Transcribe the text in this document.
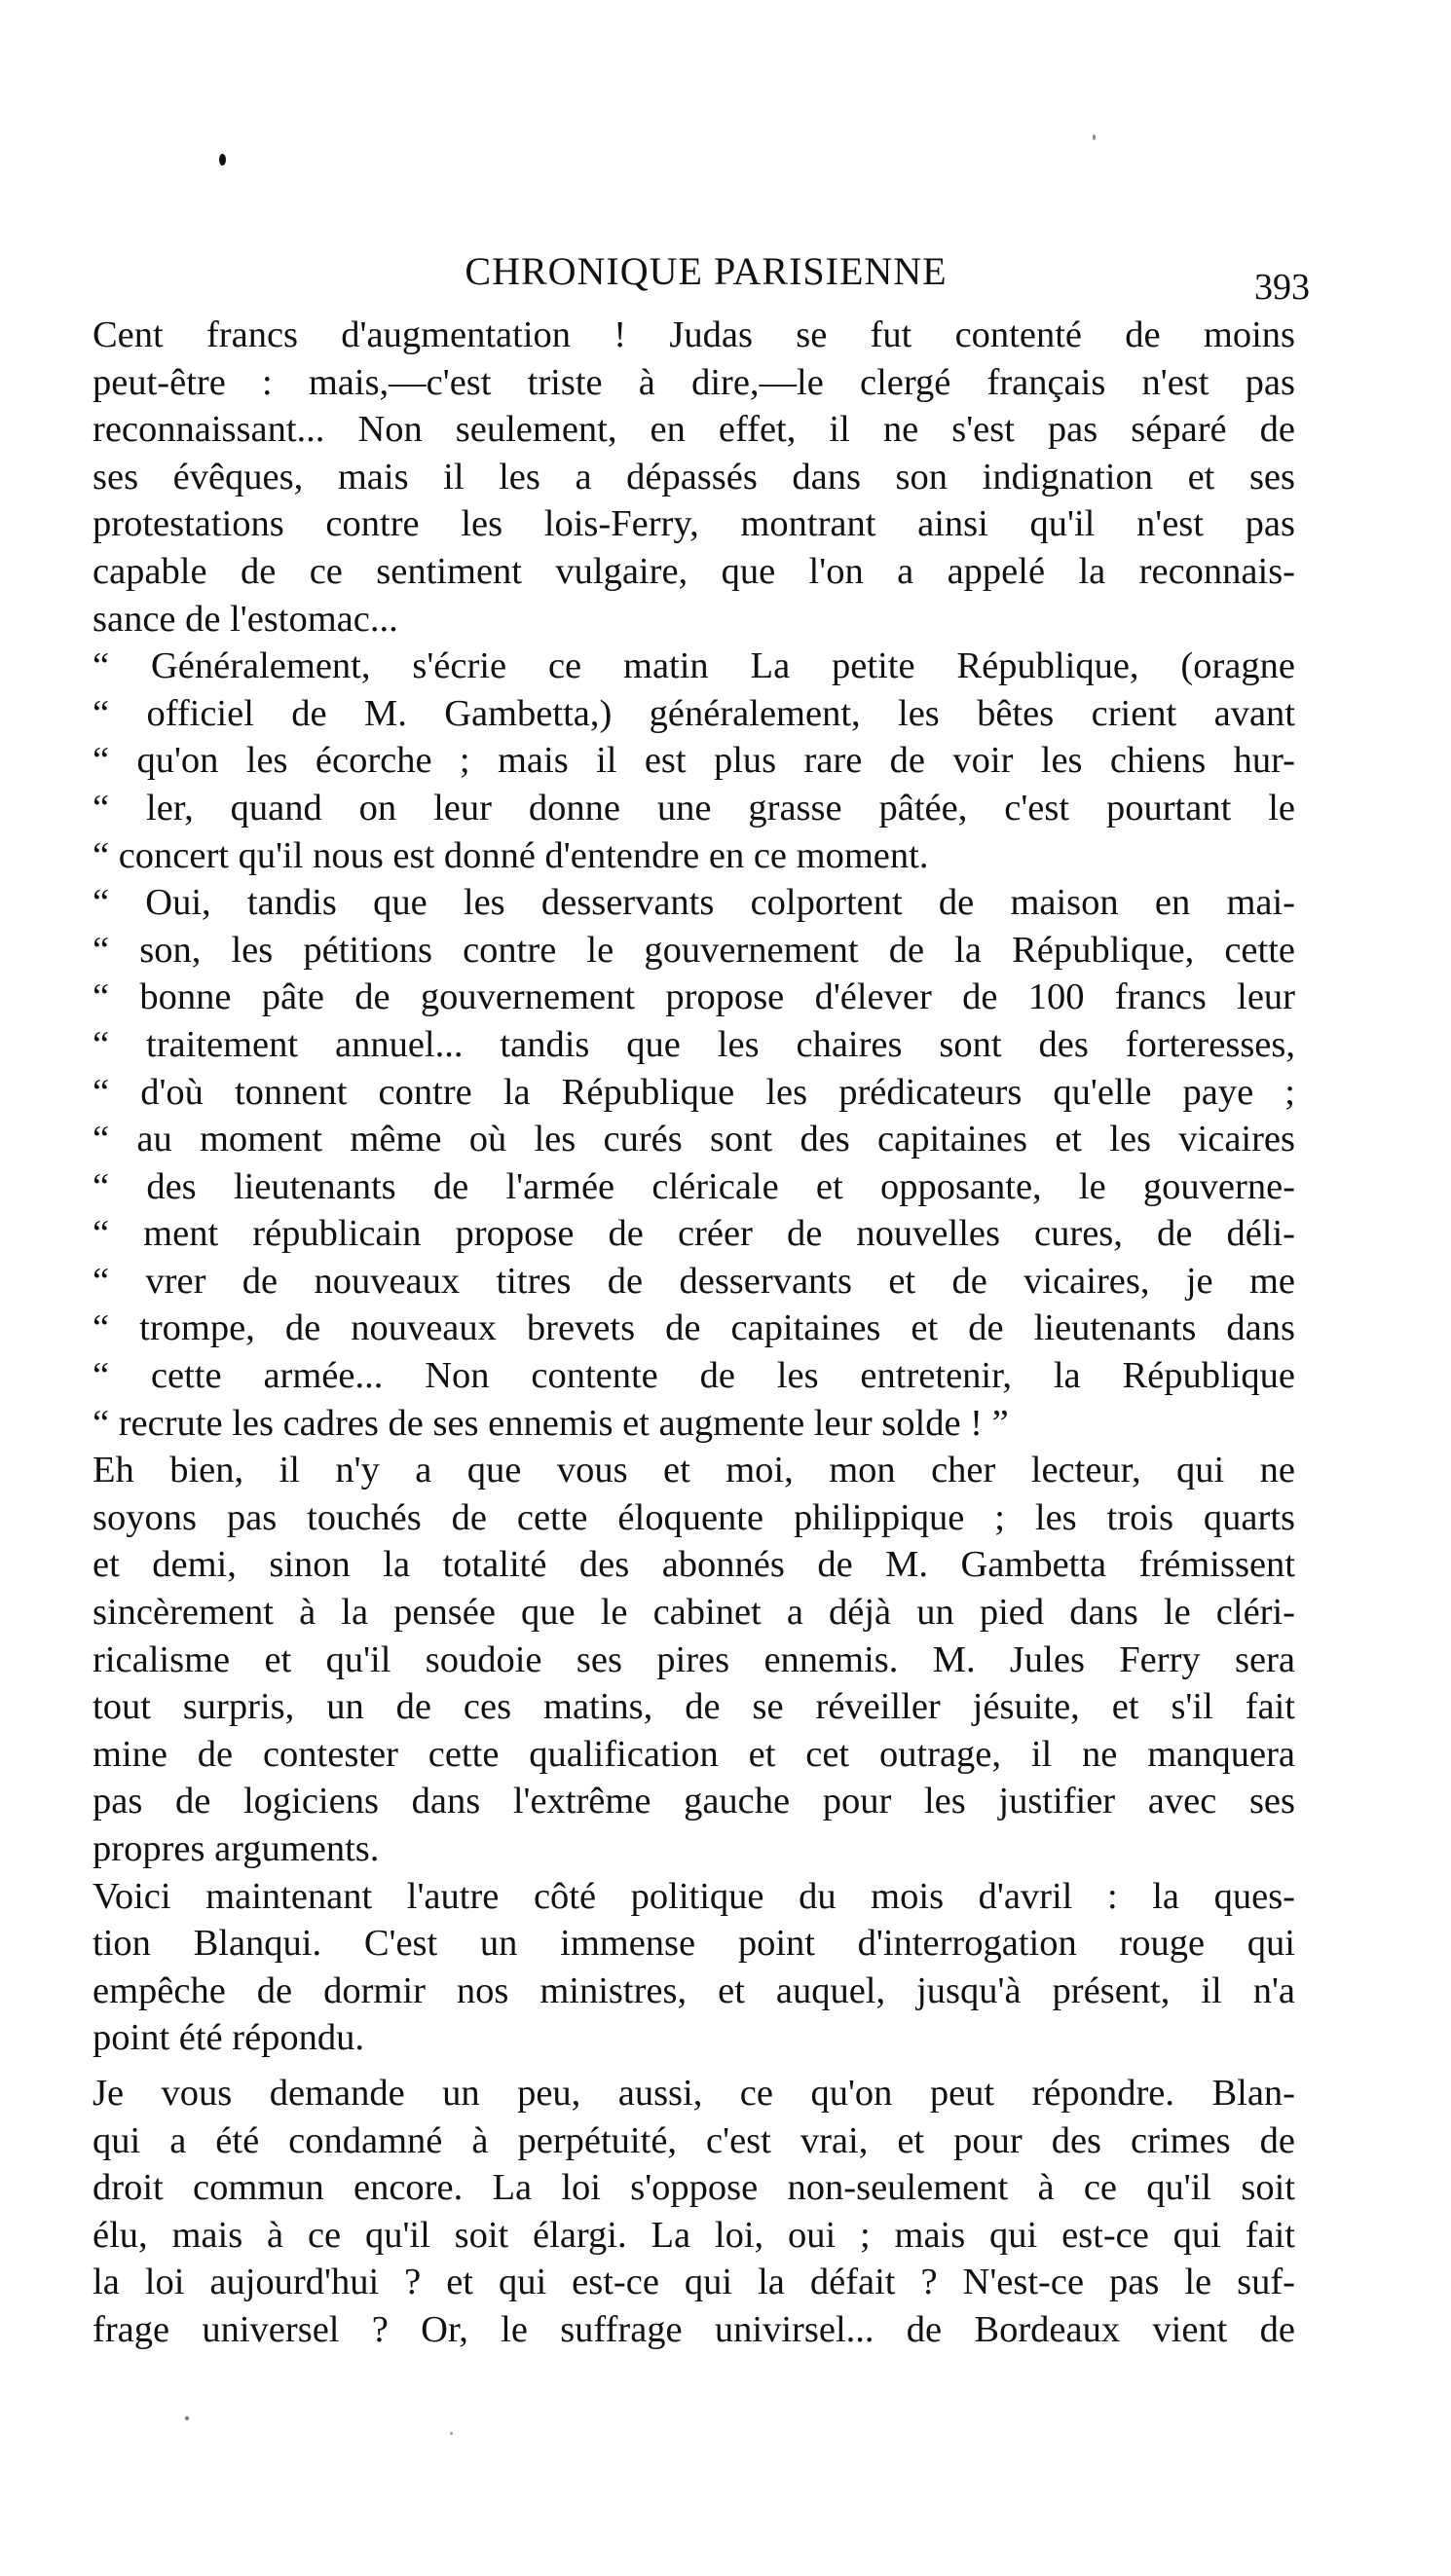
CHRONIQUE PARISIENNE	393
Cent francs d'augmentation ! Judas se fut contenté de moins
peut-être : mais,—c'est triste à dire,—le clergé français n'est pas
reconnaissant... Non seulement, en effet, il ne s'est pas séparé de
ses évêques, mais il les a dépassés dans son indignation et ses
protestations contre les lois-Ferry, montrant ainsi qu'il n'est pas
capable de ce sentiment vulgaire, que l'on a appelé la reconnais-
sance de l'estomac...
“ Généralement, s'écrie ce matin La petite République, (oragne
“ officiel de M. Gambetta,) généralement, les bêtes crient avant
“ qu'on les écorche ; mais il est plus rare de voir les chiens hur-
“ ler, quand on leur donne une grasse pâtée, c'est pourtant le
“ concert qu'il nous est donné d'entendre en ce moment.
“ Oui, tandis que les desservants colportent de maison en mai-
“ son, les pétitions contre le gouvernement de la République, cette
“ bonne pâte de gouvernement propose d'élever de 100 francs leur
“ traitement annuel... tandis que les chaires sont des forteresses,
“ d'où tonnent contre la République les prédicateurs qu'elle paye ;
“ au moment même où les curés sont des capitaines et les vicaires
“ des lieutenants de l'armée cléricale et opposante, le gouverne-
“ ment républicain propose de créer de nouvelles cures, de déli-
“ vrer de nouveaux titres de desservants et de vicaires, je me
“ trompe, de nouveaux brevets de capitaines et de lieutenants dans
“ cette armée... Non contente de les entretenir, la République
“ recrute les cadres de ses ennemis et augmente leur solde ! ”
Eh bien, il n'y a que vous et moi, mon cher lecteur, qui ne
soyons pas touchés de cette éloquente philippique ; les trois quarts
et demi, sinon la totalité des abonnés de M. Gambetta frémissent
sincèrement à la pensée que le cabinet a déjà un pied dans le cléri-
ricalisme et qu'il soudoie ses pires ennemis. M. Jules Ferry sera
tout surpris, un de ces matins, de se réveiller jésuite, et s'il fait
mine de contester cette qualification et cet outrage, il ne manquera
pas de logiciens dans l'extrême gauche pour les justifier avec ses
propres arguments.
Voici maintenant l'autre côté politique du mois d'avril : la ques-
tion Blanqui. C'est un immense point d'interrogation rouge qui
empêche de dormir nos ministres, et auquel, jusqu'à présent, il n'a
point été répondu.
Je vous demande un peu, aussi, ce qu'on peut répondre. Blan-
qui a été condamné à perpétuité, c'est vrai, et pour des crimes de
droit commun encore. La loi s'oppose non-seulement à ce qu'il soit
élu, mais à ce qu'il soit élargi. La loi, oui ; mais qui est-ce qui fait
la loi aujourd'hui ? et qui est-ce qui la défait ? N'est-ce pas le suf-
frage universel ? Or, le suffrage univirsel... de Bordeaux vient de
